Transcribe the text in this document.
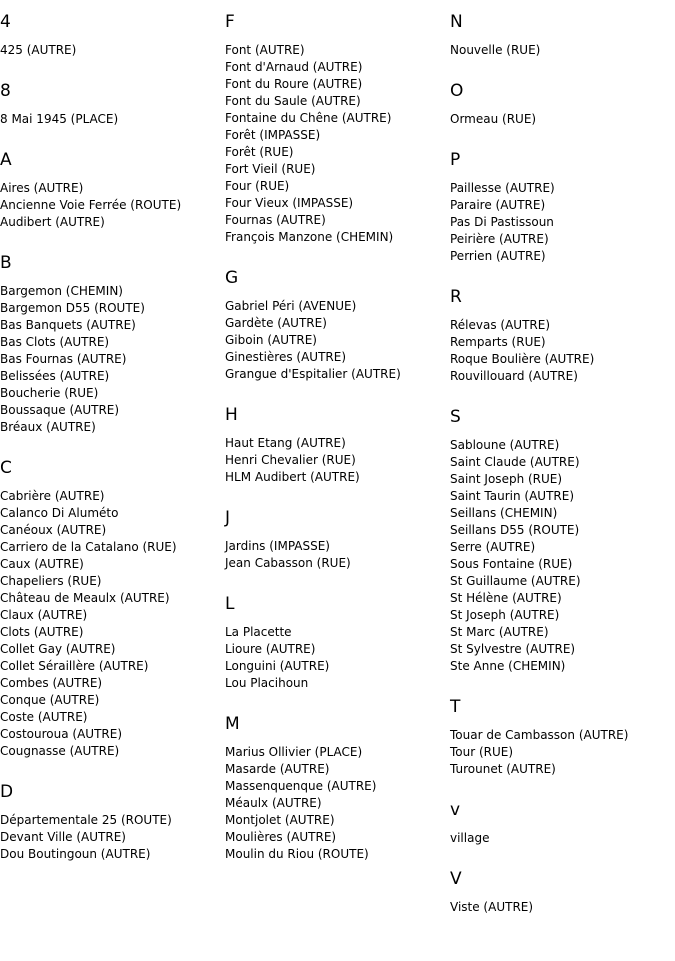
4
425 (AUTRE)
8
8 Mai 1945 (PLACE)
A
Aires (AUTRE)
Ancienne Voie Ferrée (ROUTE)
Audibert (AUTRE)
B
Bargemon (CHEMIN)
Bargemon D55 (ROUTE)
Bas Banquets (AUTRE)
Bas Clots (AUTRE)
Bas Fournas (AUTRE)
Belissées (AUTRE)
Boucherie (RUE)
Boussaque (AUTRE)
Bréaux (AUTRE)
C
Cabrière (AUTRE)
Calanco Di Aluméto
Canéoux (AUTRE)
Carriero de la Catalano (RUE)
Caux (AUTRE)
Chapeliers (RUE)
Château de Meaulx (AUTRE)
Claux (AUTRE)
Clots (AUTRE)
Collet Gay (AUTRE)
Collet Séraillère (AUTRE)
Combes (AUTRE)
Conque (AUTRE)
Coste (AUTRE)
Costouroua (AUTRE)
Cougnasse (AUTRE)
D
Départementale 25 (ROUTE)
Devant Ville (AUTRE)
Dou Boutingoun (AUTRE)
F
Font (AUTRE)
Font d'Arnaud (AUTRE)
Font du Roure (AUTRE)
Font du Saule (AUTRE)
Fontaine du Chêne (AUTRE)
Forêt (IMPASSE)
Forêt (RUE)
Fort Vieil (RUE)
Four (RUE)
Four Vieux (IMPASSE)
Fournas (AUTRE)
François Manzone (CHEMIN)
G
Gabriel Péri (AVENUE)
Gardète (AUTRE)
Giboin (AUTRE)
Ginestières (AUTRE)
Grangue d'Espitalier (AUTRE)
H
Haut Etang (AUTRE)
Henri Chevalier (RUE)
HLM Audibert (AUTRE)
J
Jardins (IMPASSE)
Jean Cabasson (RUE)
L
La Placette
Lioure (AUTRE)
Longuini (AUTRE)
Lou Placihoun
M
Marius Ollivier (PLACE)
Masarde (AUTRE)
Massenquenque (AUTRE)
Méaulx (AUTRE)
Montjolet (AUTRE)
Moulières (AUTRE)
Moulin du Riou (ROUTE)
N
Nouvelle (RUE)
O
Ormeau (RUE)
P
Paillesse (AUTRE)
Paraire (AUTRE)
Pas Di Pastissoun
Peirière (AUTRE)
Perrien (AUTRE)
R
Rélevas (AUTRE)
Remparts (RUE)
Roque Boulière (AUTRE)
Rouvillouard (AUTRE)
S
Sabloune (AUTRE)
Saint Claude (AUTRE)
Saint Joseph (RUE)
Saint Taurin (AUTRE)
Seillans (CHEMIN)
Seillans D55 (ROUTE)
Serre (AUTRE)
Sous Fontaine (RUE)
St Guillaume (AUTRE)
St Hélène (AUTRE)
St Joseph (AUTRE)
St Marc (AUTRE)
St Sylvestre (AUTRE)
Ste Anne (CHEMIN)
T
Touar de Cambasson (AUTRE)
Tour (RUE)
Turounet (AUTRE)
v
village
V
Viste (AUTRE)
